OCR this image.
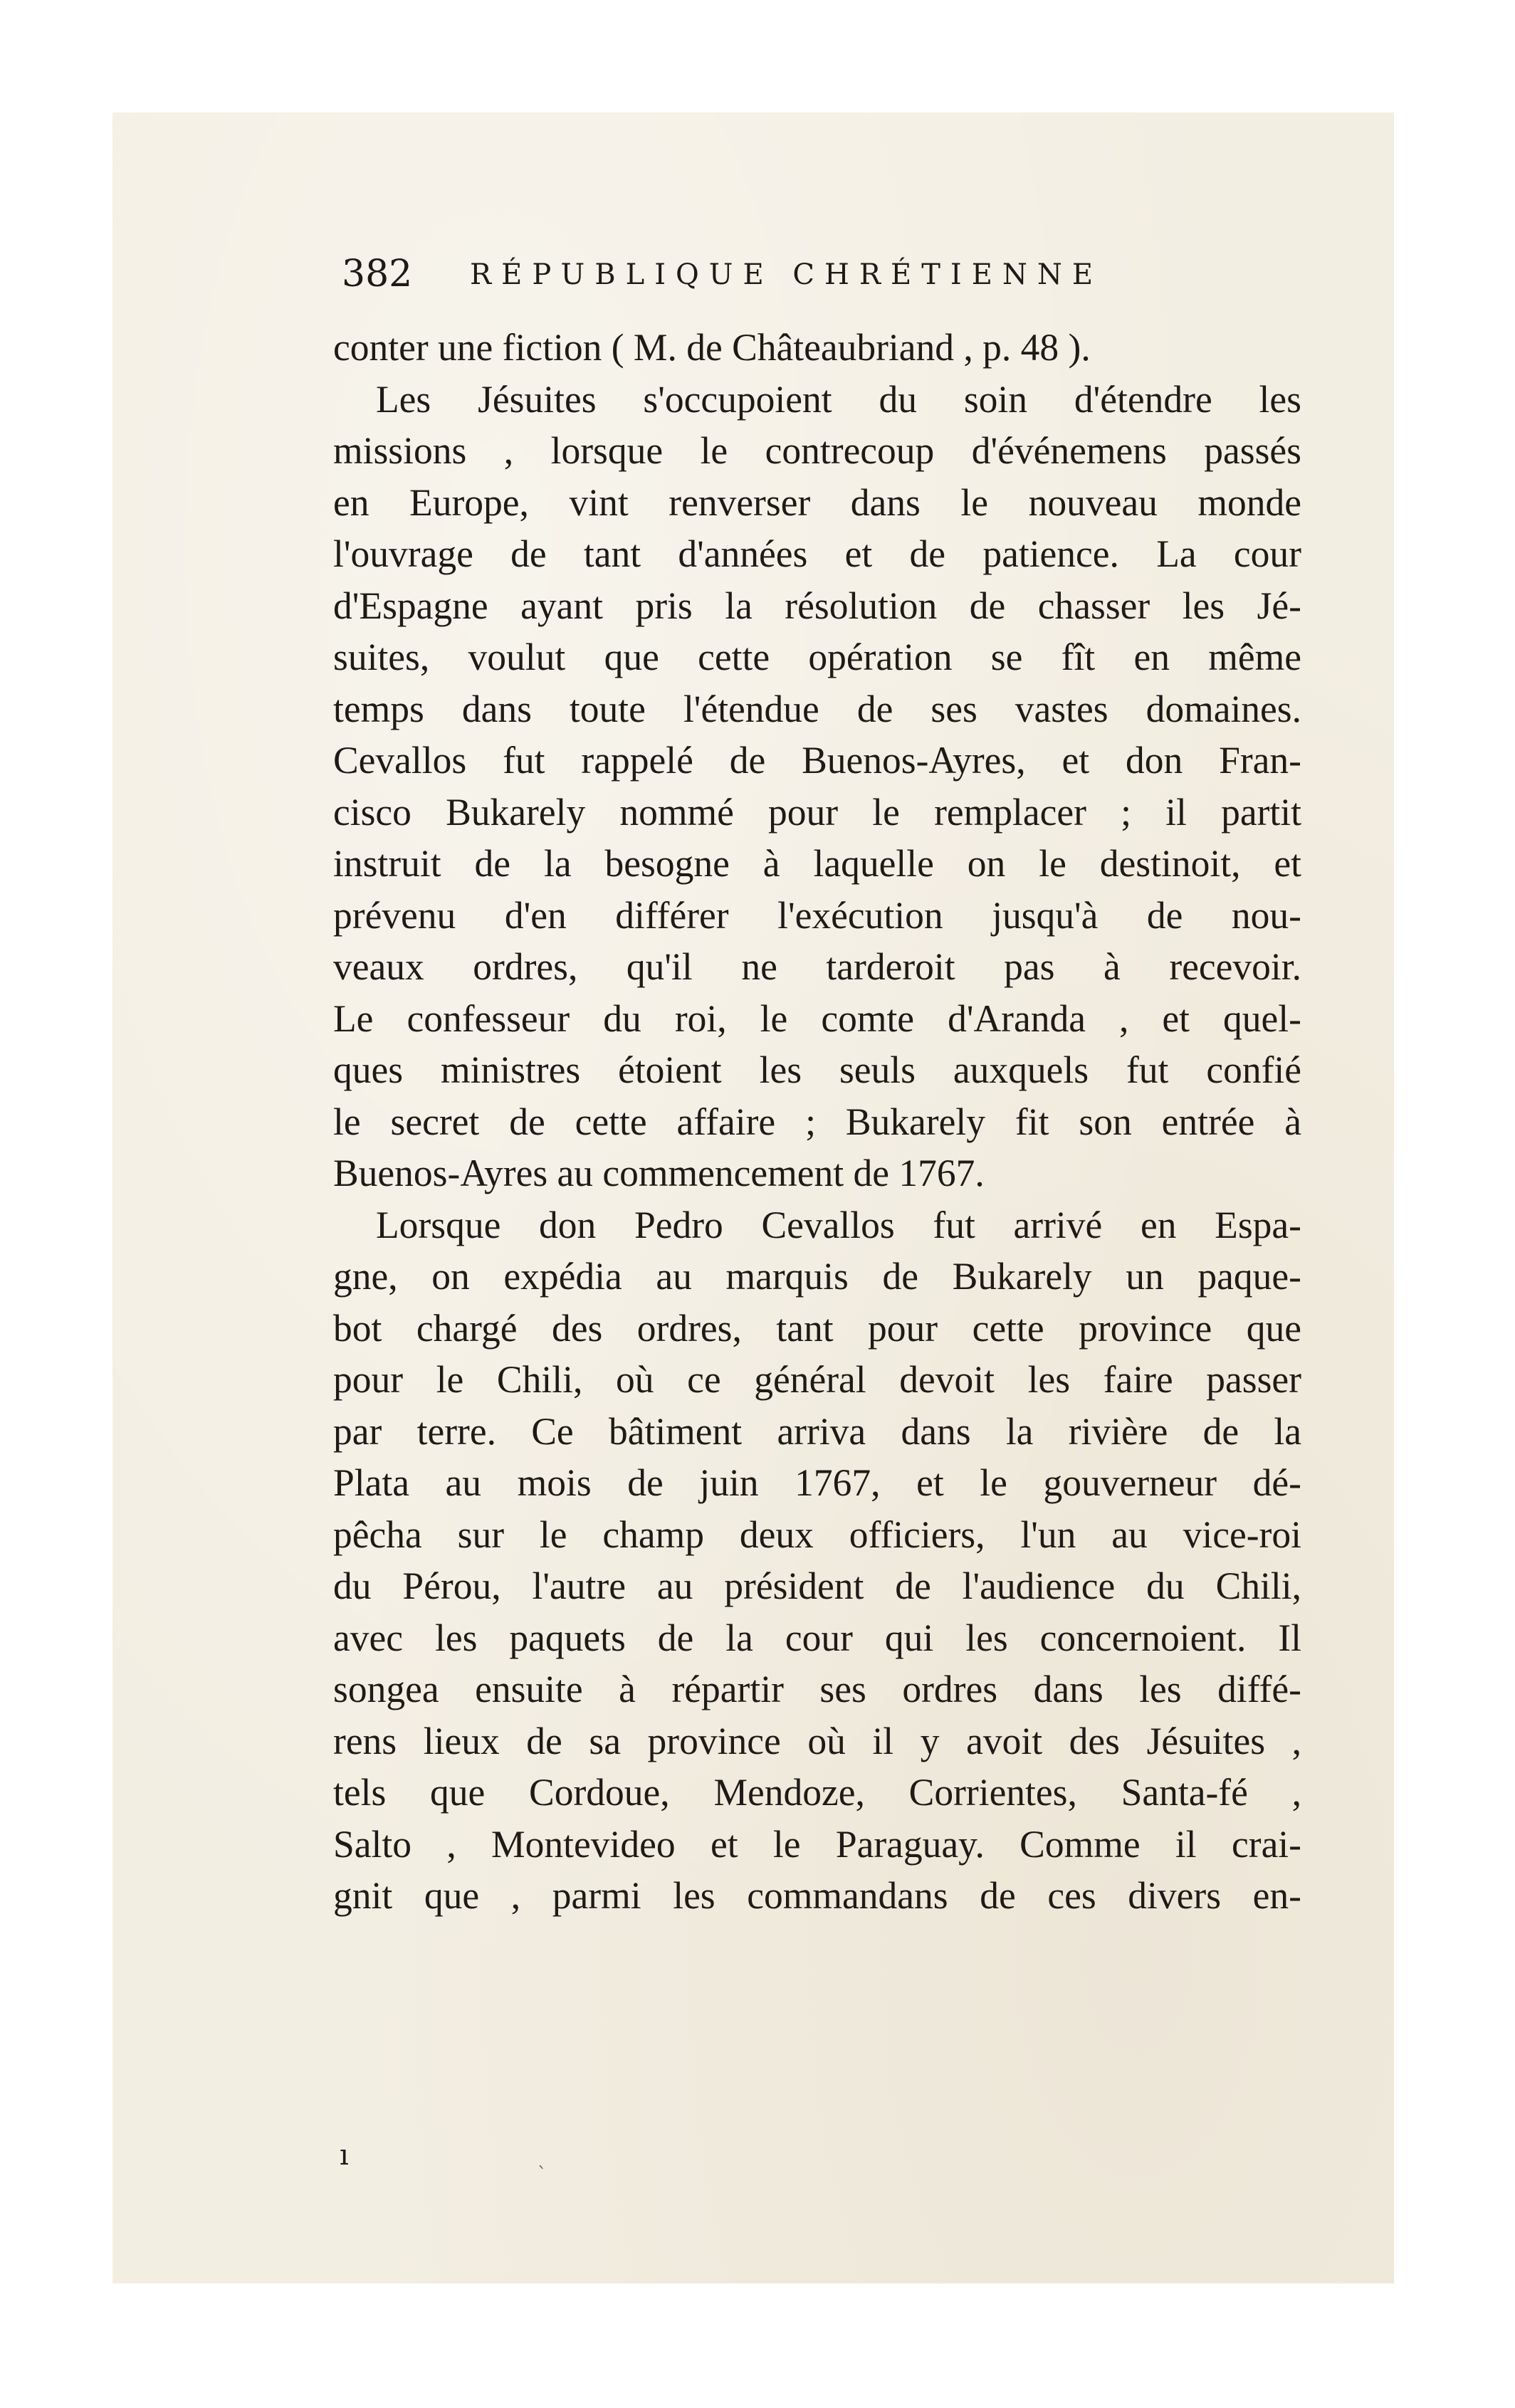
382 RÉPUBLIQUE CHRÉTIENNE
conter une fiction ( M. de Châteaubriand , p. 48 ).
Les Jésuites s'occupoient du soin d'étendre les
missions , lorsque le contrecoup d'événemens passés
en Europe, vint renverser dans le nouveau monde
l'ouvrage de tant d'années et de patience. La cour
d'Espagne ayant pris la résolution de chasser les Jé-
suites, voulut que cette opération se fît en même
temps dans toute l'étendue de ses vastes domaines.
Cevallos fut rappelé de Buenos-Ayres, et don Fran-
cisco Bukarely nommé pour le remplacer ; il partit
instruit de la besogne à laquelle on le destinoit, et
prévenu d'en différer l'exécution jusqu'à de nou-
veaux ordres, qu'il ne tarderoit pas à recevoir.
Le confesseur du roi, le comte d'Aranda , et quel-
ques ministres étoient les seuls auxquels fut confié
le secret de cette affaire ; Bukarely fit son entrée à
Buenos-Ayres au commencement de 1767.
Lorsque don Pedro Cevallos fut arrivé en Espa-
gne, on expédia au marquis de Bukarely un paque-
bot chargé des ordres, tant pour cette province que
pour le Chili, où ce général devoit les faire passer
par terre. Ce bâtiment arriva dans la rivière de la
Plata au mois de juin 1767, et le gouverneur dé-
pêcha sur le champ deux officiers, l'un au vice-roi
du Pérou, l'autre au président de l'audience du Chili,
avec les paquets de la cour qui les concernoient. Il
songea ensuite à répartir ses ordres dans les diffé-
rens lieux de sa province où il y avoit des Jésuites ,
tels que Cordoue, Mendoze, Corrientes, Santa-fé ,
Salto , Montevideo et le Paraguay. Comme il crai-
gnit que , parmi les commandans de ces divers en-
ı
`
